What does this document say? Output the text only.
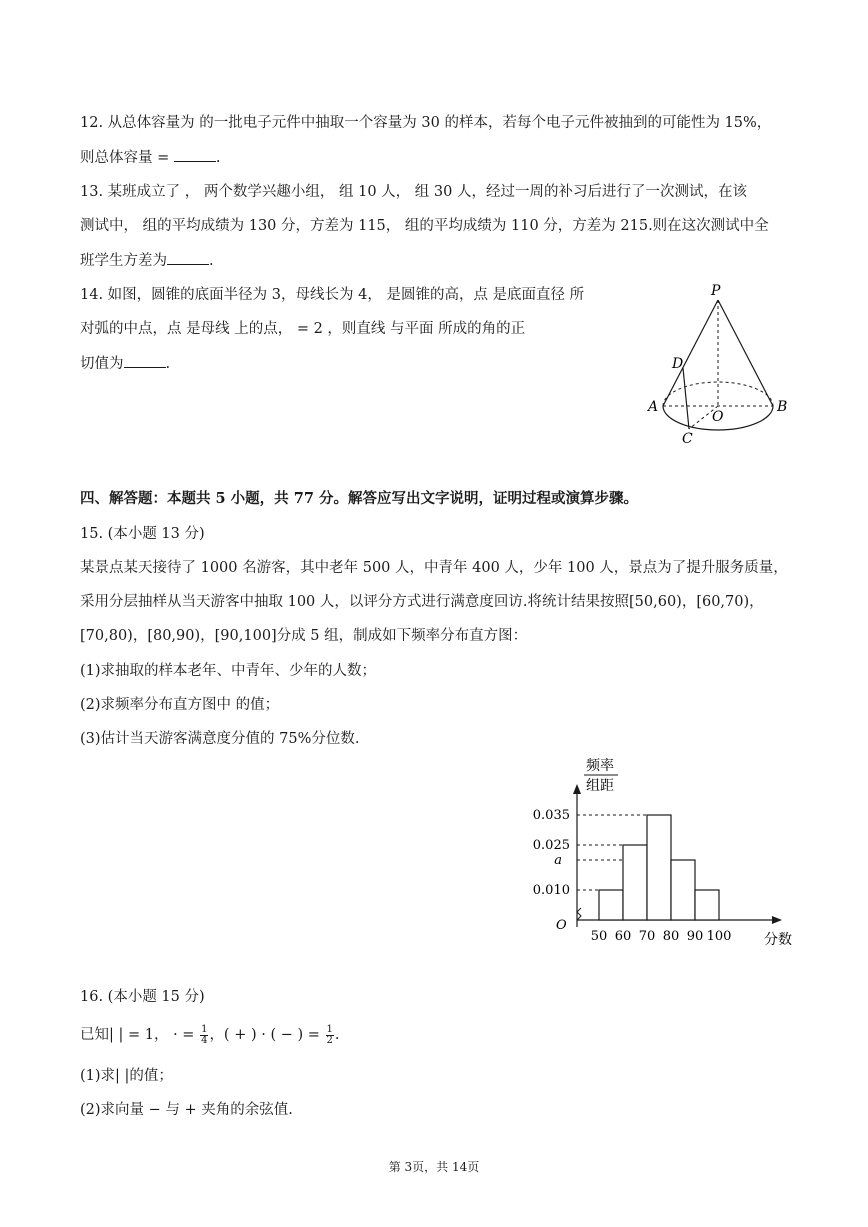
12. 从总体容量为 的一批电子元件中抽取一个容量为 30 的样本，若每个电子元件被抽到的可能性为 15%，
则总体容量 =	.
13. 某班成立了 ， 两个数学兴趣小组， 组 10 人， 组 30 人，经过一周的补习后进行了一次测试，在该
测试中， 组的平均成绩为 130 分，方差为 115， 组的平均成绩为 110 分，方差为 215.则在这次测试中全
班学生方差为	.
14. 如图，圆锥的底面半径为 3，母线长为 4， 是圆锥的高，点 是底面直径 所
对弧的中点，点 是母线 上的点， = 2 ，则直线 与平面 所成的角的正
切值为	.
P
D
A
O
B
C
四、解答题：本题共 5 小题，共 77 分。解答应写出文字说明，证明过程或演算步骤。
15. (本小题 13 分)
某景点某天接待了 1000 名游客，其中老年 500 人，中青年 400 人，少年 100 人，景点为了提升服务质量，
采用分层抽样从当天游客中抽取 100 人，以评分方式进行满意度回访.将统计结果按照[50,60)，[60,70)，
[70,80)，[80,90)，[90,100]分成 5 组，制成如下频率分布直方图：
(1)求抽取的样本老年、中青年、少年的人数；
(2)求频率分布直方图中 的值；
(3)估计当天游客满意度分值的 75%分位数.
频率
组距
分数
O
0.035
0.025
a
0.010
50 60 70 80 90 100
16. (本小题 15 分)
已知| | = 1， · = $\frac{1}{4}$ ，( + ) · ( − ) = $\frac{1}{2}$ .
(1)求| |的值；
(2)求向量 − 与 + 夹角的余弦值.
第 3页，共 14页
